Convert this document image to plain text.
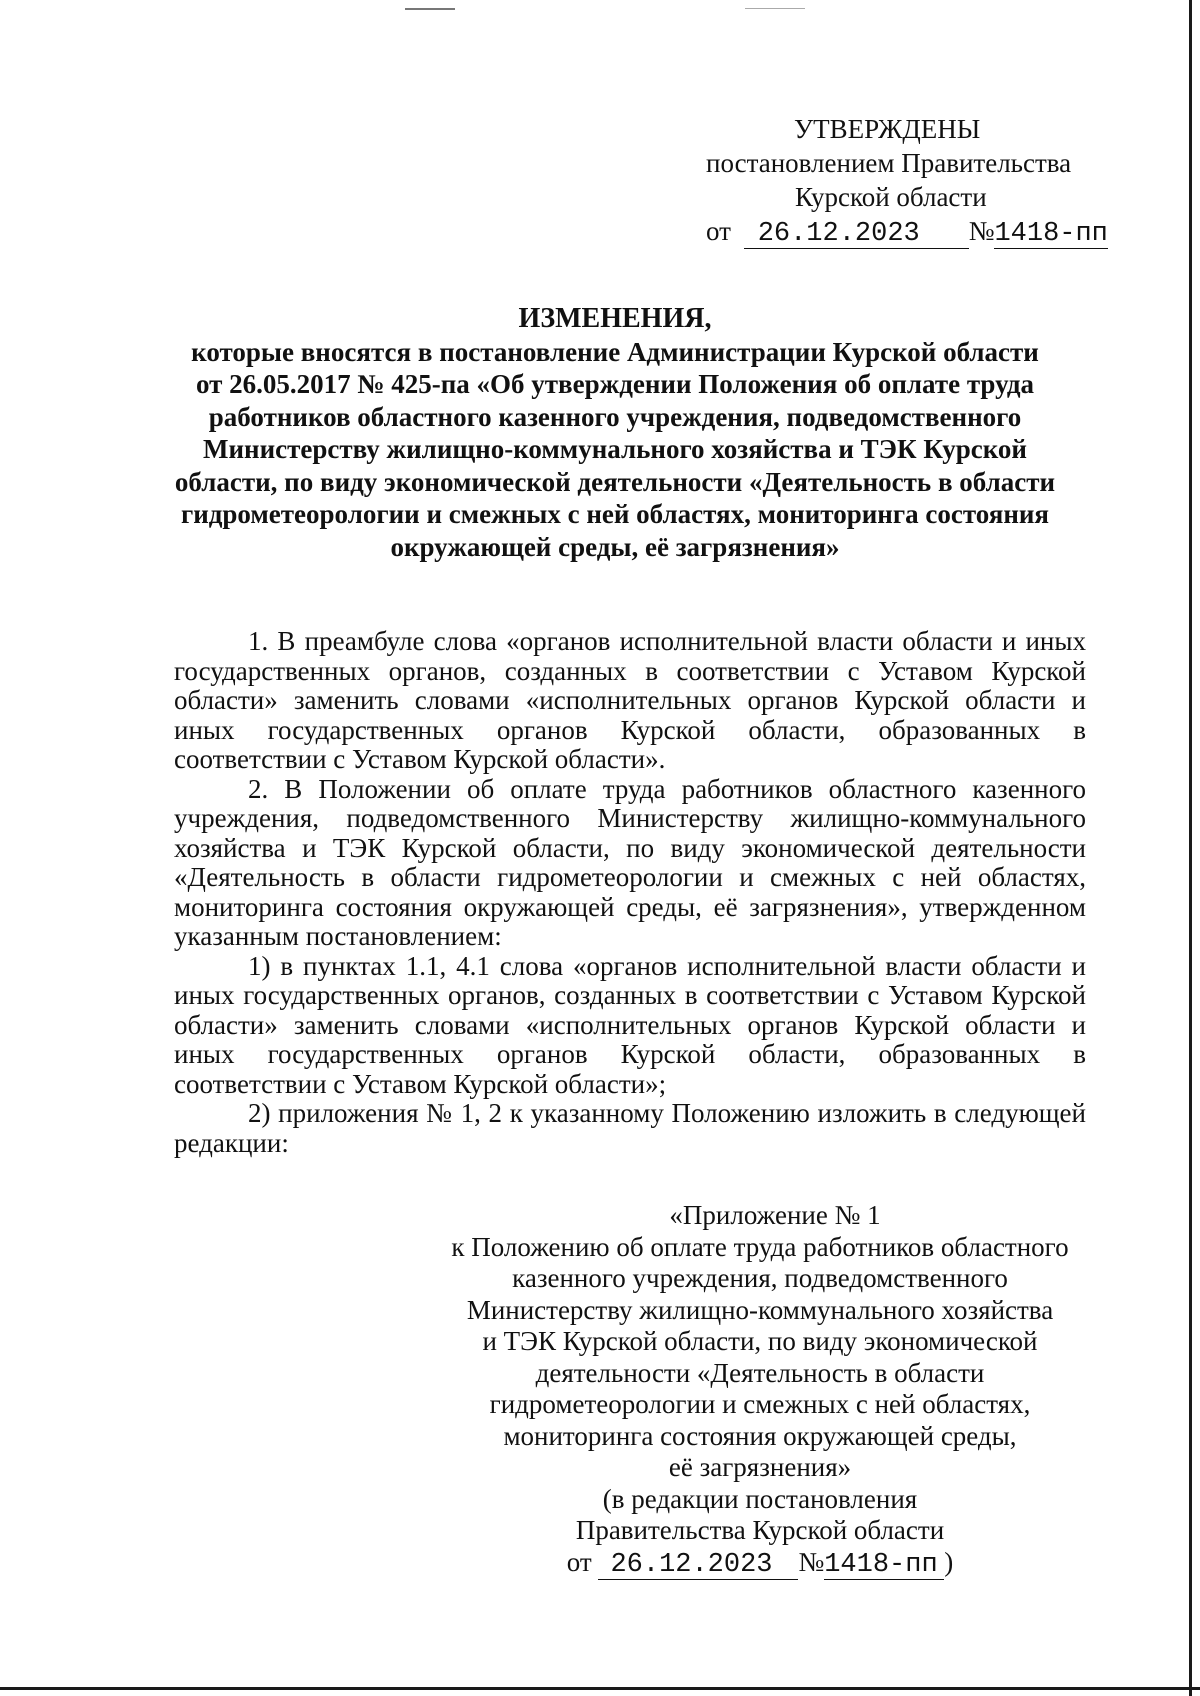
УТВЕРЖДЕНЫ
постановлением Правительства
Курской области
от 26.12.2023 №1418-пп
ИЗМЕНЕНИЯ,
которые вносятся в постановление Администрации Курской области
от 26.05.2017 № 425-па «Об утверждении Положения об оплате труда
работников областного казенного учреждения, подведомственного
Министерству жилищно-коммунального хозяйства и ТЭК Курской
области, по виду экономической деятельности «Деятельность в области
гидрометеорологии и смежных с ней областях, мониторинга состояния
окружающей среды, её загрязнения»

1. В преамбуле слова «органов исполнительной власти области и иных государственных органов, созданных в соответствии с Уставом Курской области» заменить словами «исполнительных органов Курской области и иных государственных органов Курской области, образованных в соответствии с Уставом Курской области».

2. В Положении об оплате труда работников областного казенного учреждения, подведомственного Министерству жилищно-коммунального хозяйства и ТЭК Курской области, по виду экономической деятельности «Деятельность в области гидрометеорологии и смежных с ней областях, мониторинга состояния окружающей среды, её загрязнения», утвержденном указанным постановлением:

1) в пунктах 1.1, 4.1 слова «органов исполнительной власти области и иных государственных органов, созданных в соответствии с Уставом Курской области» заменить словами «исполнительных органов Курской области и иных государственных органов Курской области, образованных в соответствии с Уставом Курской области»;

2) приложения № 1, 2 к указанному Положению изложить в следующей редакции:

«Приложение № 1
к Положению об оплате труда работников областного
казенного учреждения, подведомственного
Министерству жилищно-коммунального хозяйства
и ТЭК Курской области, по виду экономической
деятельности «Деятельность в области
гидрометеорологии и смежных с ней областях,
мониторинга состояния окружающей среды,
её загрязнения»
(в редакции постановления
Правительства Курской области
от 26.12.2023 №1418-пп )
